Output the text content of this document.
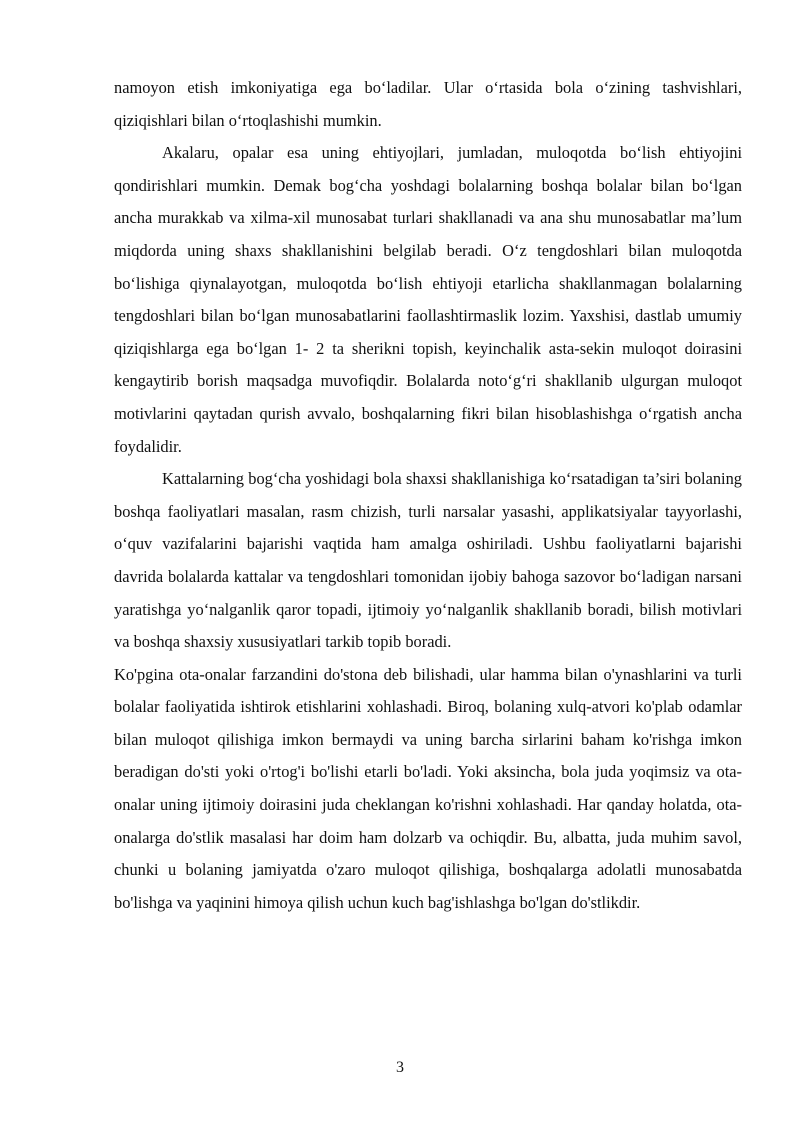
namoyon etish imkoniyatiga ega bo‘ladilar. Ular o‘rtasida bola o‘zining tashvishlari, qiziqishlari bilan o‘rtoqlashishi mumkin.

Akalaru, opalar esa uning ehtiyojlari, jumladan, muloqotda bo‘lish ehtiyojini qondirishlari mumkin. Demak bog‘cha yoshdagi bolalarning boshqa bolalar bilan bo‘lgan ancha murakkab va xilma-xil munosabat turlari shakllanadi va ana shu munosabatlar ma’lum miqdorda uning shaxs shakllanishini belgilab beradi. O‘z tengdoshlari bilan muloqotda bo‘lishiga qiynalayotgan, muloqotda bo‘lish ehtiyoji etarlicha shakllanmagan bolalarning tengdoshlari bilan bo‘lgan munosabatlarini faollashtirmaslik lozim. Yaxshisi, dastlab umumiy qiziqishlarga ega bo‘lgan 1- 2 ta sherikni topish, keyinchalik asta-sekin muloqot doirasini kengaytirib borish maqsadga muvofiqdir. Bolalarda noto‘g‘ri shakllanib ulgurgan muloqot motivlarini qaytadan qurish avvalo, boshqalarning fikri bilan hisoblashishga o‘rgatish ancha foydalidir.

Kattalarning bog‘cha yoshidagi bola shaxsi shakllanishiga ko‘rsatadigan ta’siri bolaning boshqa faoliyatlari masalan, rasm chizish, turli narsalar yasashi, applikatsiyalar tayyorlashi, o‘quv vazifalarini bajarishi vaqtida ham amalga oshiriladi. Ushbu faoliyatlarni bajarishi davrida bolalarda kattalar va tengdoshlari tomonidan ijobiy bahoga sazovor bo‘ladigan narsani yaratishga yo‘nalganlik qaror topadi, ijtimoiy yo‘nalganlik shakllanib boradi, bilish motivlari va boshqa shaxsiy xususiyatlari tarkib topib boradi.

Ko'pgina ota-onalar farzandini do'stona deb bilishadi, ular hamma bilan o'ynashlarini va turli bolalar faoliyatida ishtirok etishlarini xohlashadi. Biroq, bolaning xulq-atvori ko'plab odamlar bilan muloqot qilishiga imkon bermaydi va uning barcha sirlarini baham ko'rishga imkon beradigan do'sti yoki o'rtog'i bo'lishi etarli bo'ladi. Yoki aksincha, bola juda yoqimsiz va ota-onalar uning ijtimoiy doirasini juda cheklangan ko'rishni xohlashadi. Har qanday holatda, ota-onalarga do'stlik masalasi har doim ham dolzarb va ochiqdir. Bu, albatta, juda muhim savol, chunki u bolaning jamiyatda o'zaro muloqot qilishiga, boshqalarga adolatli munosabatda bo'lishga va yaqinini himoya qilish uchun kuch bag'ishlashga bo'lgan do'stlikdir.

3
